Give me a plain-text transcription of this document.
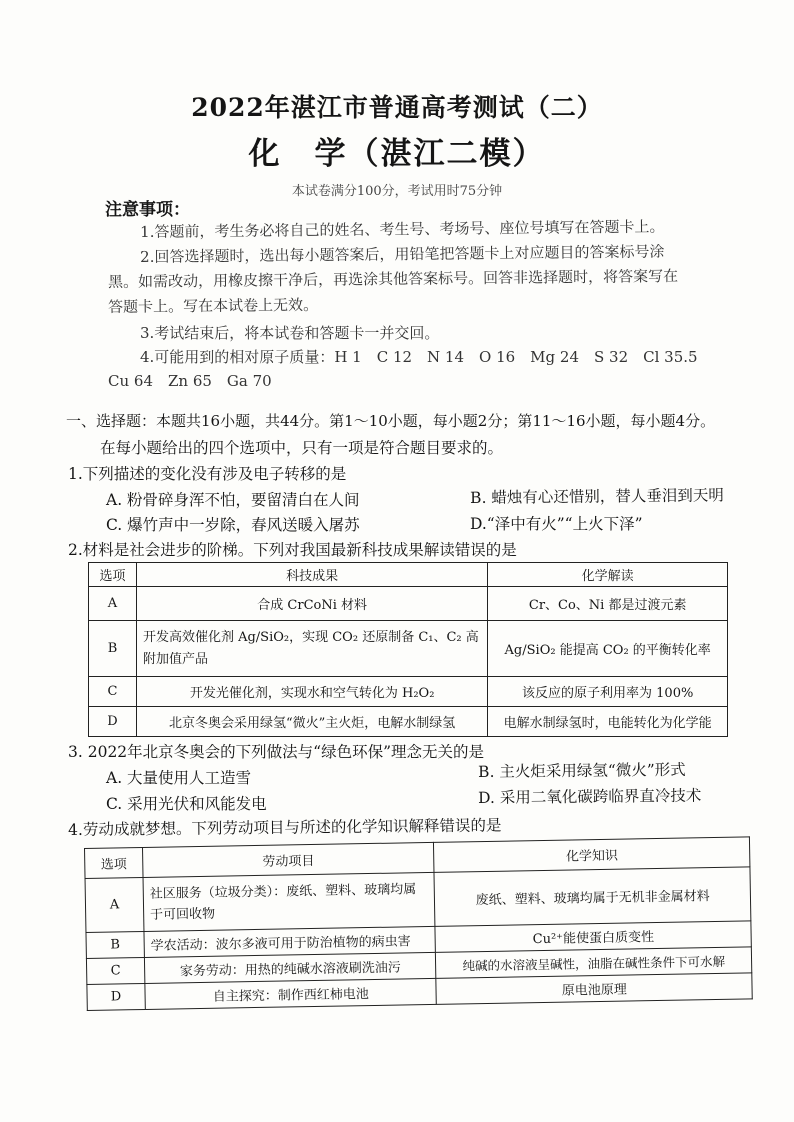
2022年湛江市普通高考测试（二）
化　学（湛江二模）
本试卷满分100分，考试用时75分钟
注意事项：
1.答题前，考生务必将自己的姓名、考生号、考场号、座位号填写在答题卡上。
2.回答选择题时，选出每小题答案后，用铅笔把答题卡上对应题目的答案标号涂
黑。如需改动，用橡皮擦干净后，再选涂其他答案标号。回答非选择题时，将答案写在
答题卡上。写在本试卷上无效。
3.考试结束后，将本试卷和答题卡一并交回。
4.可能用到的相对原子质量：H 1　C 12　N 14　O 16　Mg 24　S 32　Cl 35.5
Cu 64　Zn 65　Ga 70
一、选择题：本题共16小题，共44分。第1～10小题，每小题2分；第11～16小题，每小题4分。
在每小题给出的四个选项中，只有一项是符合题目要求的。
1.下列描述的变化没有涉及电子转移的是
A. 粉骨碎身浑不怕，要留清白在人间	B. 蜡烛有心还惜别，替人垂泪到天明
C. 爆竹声中一岁除，春风送暖入屠苏	D.“泽中有火”“上火下泽”
2.材料是社会进步的阶梯。下列对我国最新科技成果解读错误的是
选项	科技成果	化学解读
A	合成 CrCoNi 材料	Cr、Co、Ni 都是过渡元素
B	开发高效催化剂 Ag/SiO₂，实现 CO₂ 还原制备 C₁、C₂ 高附加值产品	Ag/SiO₂ 能提高 CO₂ 的平衡转化率
C	开发光催化剂，实现水和空气转化为 H₂O₂	该反应的原子利用率为 100%
D	北京冬奥会采用绿氢“微火”主火炬，电解水制绿氢	电解水制绿氢时，电能转化为化学能
3. 2022年北京冬奥会的下列做法与“绿色环保”理念无关的是
A. 大量使用人工造雪	B. 主火炬采用绿氢“微火”形式
C. 采用光伏和风能发电	D. 采用二氧化碳跨临界直冷技术
4.劳动成就梦想。下列劳动项目与所述的化学知识解释错误的是
选项	劳动项目	化学知识
A	社区服务（垃圾分类）：废纸、塑料、玻璃均属于可回收物	废纸、塑料、玻璃均属于无机非金属材料
B	学农活动：波尔多液可用于防治植物的病虫害	Cu²⁺能使蛋白质变性
C	家务劳动：用热的纯碱水溶液刷洗油污	纯碱的水溶液呈碱性，油脂在碱性条件下可水解
D	自主探究：制作西红柿电池	原电池原理
